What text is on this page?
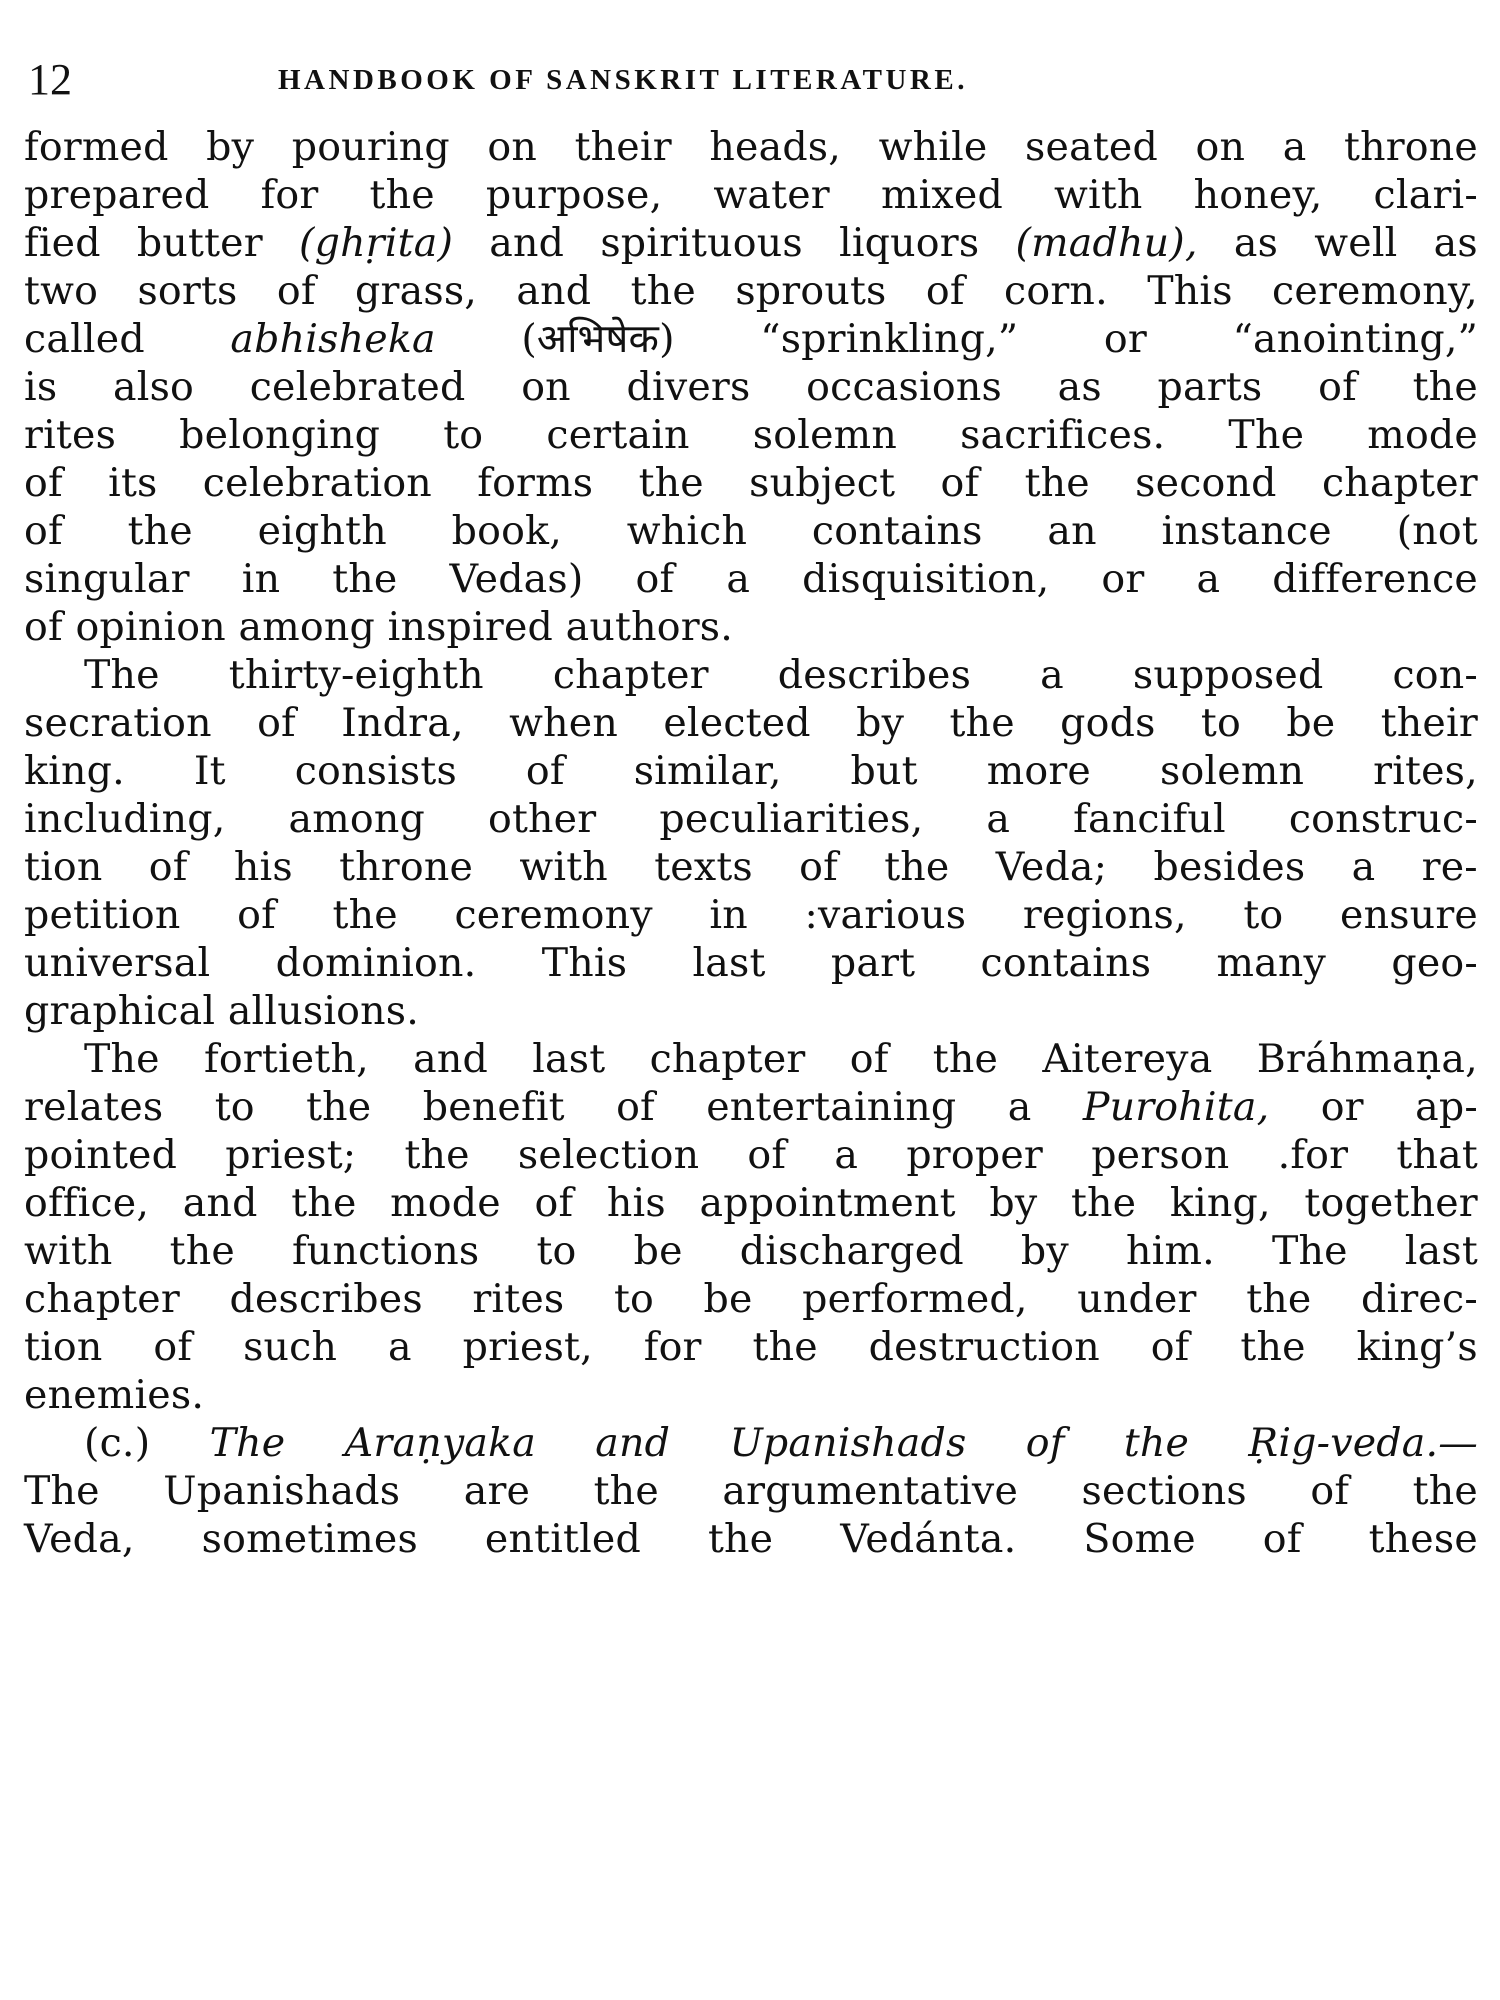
12	HANDBOOK OF SANSKRIT LITERATURE.
formed by pouring on their heads, while seated on a throne
prepared for the purpose, water mixed with honey, clari-
fied butter (ghṛita) and spirituous liquors (madhu), as well as
two sorts of grass, and the sprouts of corn. This ceremony,
called abhisheka (अभिषेक) “sprinkling,” or “anointing,”
is also celebrated on divers occasions as parts of the
rites belonging to certain solemn sacrifices. The mode
of its celebration forms the subject of the second chapter
of the eighth book, which contains an instance (not
singular in the Vedas) of a disquisition, or a difference
of opinion among inspired authors.
The thirty-eighth chapter describes a supposed con-
secration of Indra, when elected by the gods to be their
king. It consists of similar, but more solemn rites,
including, among other peculiarities, a fanciful construc-
tion of his throne with texts of the Veda; besides a re-
petition of the ceremony in :various regions, to ensure
universal dominion. This last part contains many geo-
graphical allusions.
The fortieth, and last chapter of the Aitereya Bráhmaṇa,
relates to the benefit of entertaining a Purohita, or ap-
pointed priest; the selection of a proper person .for that
office, and the mode of his appointment by the king, together
with the functions to be discharged by him. The last
chapter describes rites to be performed, under the direc-
tion of such a priest, for the destruction of the king’s
enemies.
(c.) The Araṇyaka and Upanishads of the Ṛig-veda.—
The Upanishads are the argumentative sections of the
Veda, sometimes entitled the Vedánta. Some of these
